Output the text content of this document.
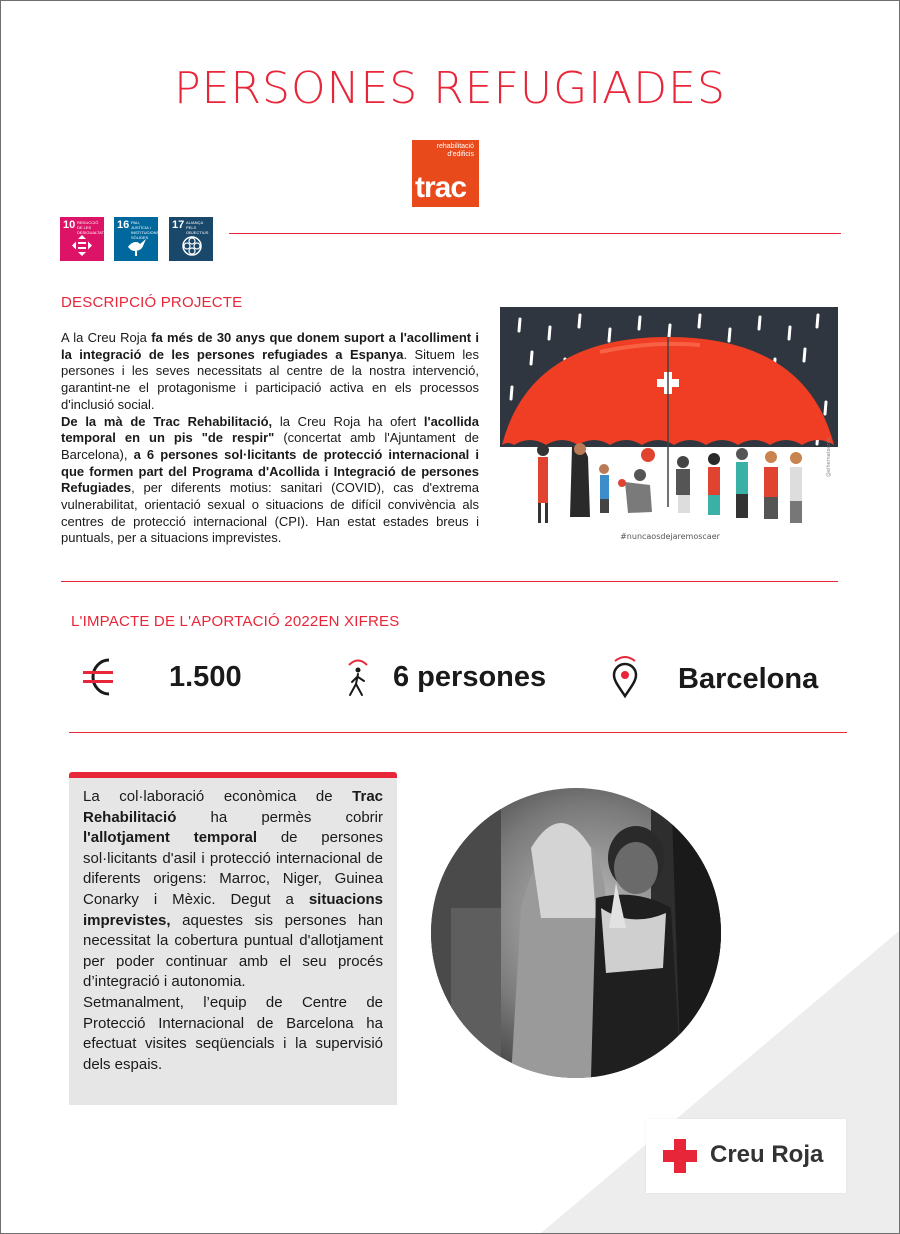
PERSONES REFUGIADES
rehabilitació
d'edificis
trac
10 REDUCCIÓ DE LES DESIGUALTATS
16 PAU, JUSTÍCIA I INSTITUCIONS SÒLIDES
17 ALIANÇA PELS OBJECTIUS
DESCRIPCIÓ PROJECTE

A la Creu Roja fa més de 30 anys que donem suport a l'acolliment i la integració de les persones refugiades a Espanya. Situem les persones i les seves necessitats al centre de la nostra intervenció, garantint-ne el protagonisme i participació activa en els processos d'inclusió social.

De la mà de Trac Rehabilitació, la Creu Roja ha ofert l'acollida temporal en un pis "de respir" (concertat amb l'Ajuntament de Barcelona), a 6 persones sol·licitants de protecció internacional i que formen part del Programa d'Acollida i Integració de persones Refugiades, per diferents motius: sanitari (COVID), cas d'extrema vulnerabilitat, orientació sexual o situacions de difícil convivència als centres de protecció internacional (CPI). Han estat estades breus i puntuals, per a situacions imprevistes.	#nuncaosdejaremoscaer
@elhematocrito
L'IMPACTE DE L'APORTACIÓ 2022EN XIFRES
1.500	6 persones	Barcelona

La col·laboració econòmica de Trac Rehabilitació ha permès cobrir l'allotjament temporal de persones sol·licitants d'asil i protecció internacional de diferents origens: Marroc, Niger, Guinea Conarky i Mèxic. Degut a situacions imprevistes, aquestes sis persones han necessitat la cobertura puntual d'allotjament per poder continuar amb el seu procés d’integració i autonomia.

Setmanalment, l’equip de Centre de Protecció Internacional de Barcelona ha efectuat visites seqüencials i la supervisió dels espais.

Creu Roja
